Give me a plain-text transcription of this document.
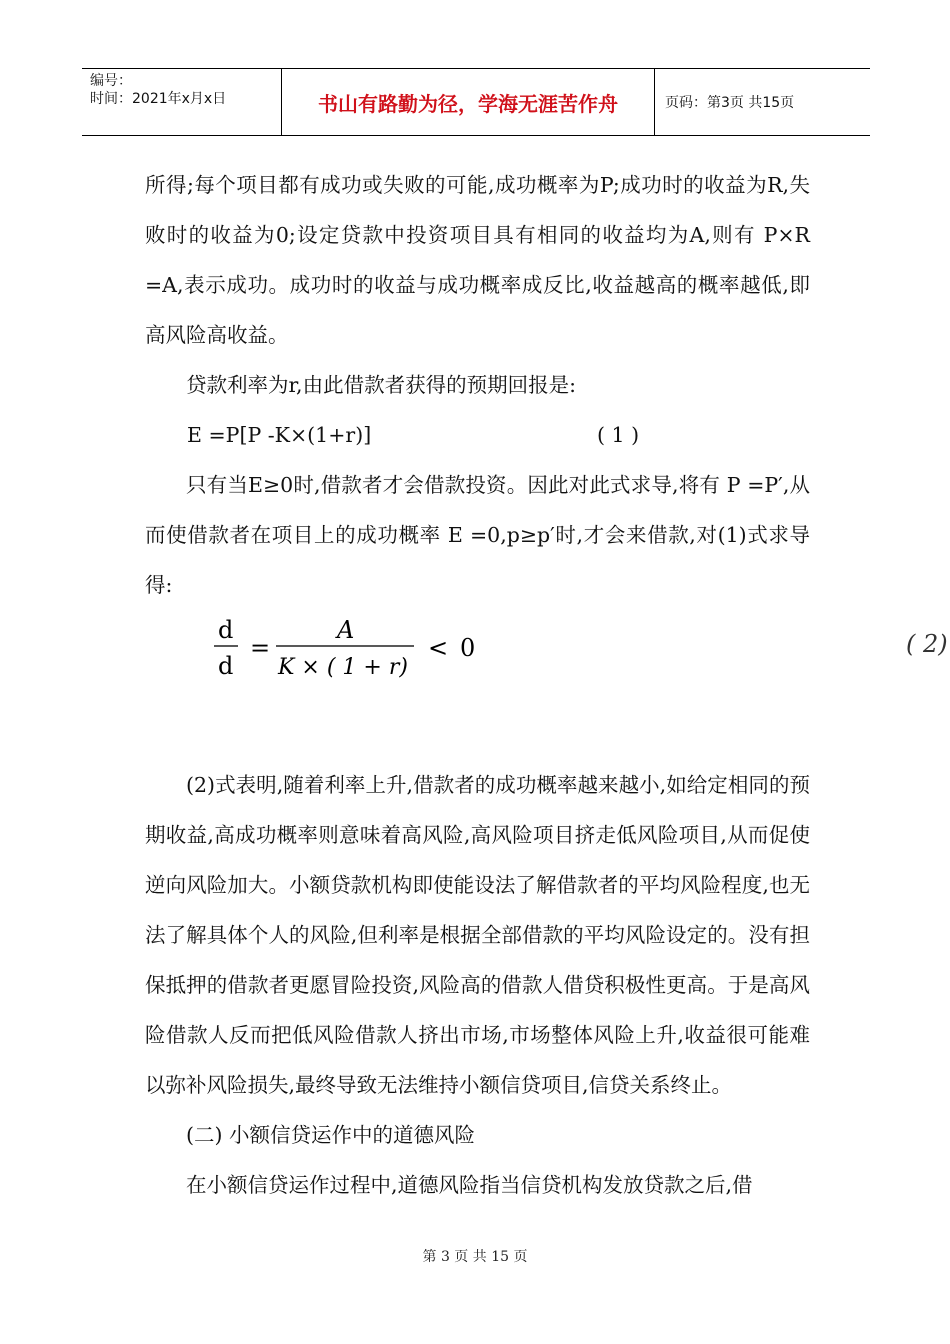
编号：
时间：2021年x月x日	书山有路勤为径，学海无涯苦作舟	页码：第3页 共15页

所得;每个项目都有成功或失败的可能,成功概率为P;成功时的收益为R,失败时的收益为0;设定贷款中投资项目具有相同的收益均为A,则有 P×R =A,表示成功。成功时的收益与成功概率成反比,收益越高的概率越低,即高风险高收益。

贷款利率为r,由此借款者获得的预期回报是:

E =P[P -K×(1+r)]	( 1 )

只有当E≥0时,借款者才会借款投资。因此对此式求导,将有 P =P′,从而使借款者在项目上的成功概率 E =0,p≥p′时,才会来借款,对(1)式求导得:

(2)式表明,随着利率上升,借款者的成功概率越来越小,如给定相同的预期收益,高成功概率则意味着高风险,高风险项目挤走低风险项目,从而促使逆向风险加大。小额贷款机构即使能设法了解借款者的平均风险程度,也无法了解具体个人的风险,但利率是根据全部借款的平均风险设定的。没有担保抵押的借款者更愿冒险投资,风险高的借款人借贷积极性更高。于是高风险借款人反而把低风险借款人挤出市场,市场整体风险上升,收益很可能难以弥补风险损失,最终导致无法维持小额信贷项目,信贷关系终止。

(二) 小额信贷运作中的道德风险

在小额信贷运作过程中,道德风险指当信贷机构发放贷款之后,借

d
d
=
A
K × ( 1 + r)
< 0	( 2)
第 3 页 共 15 页
